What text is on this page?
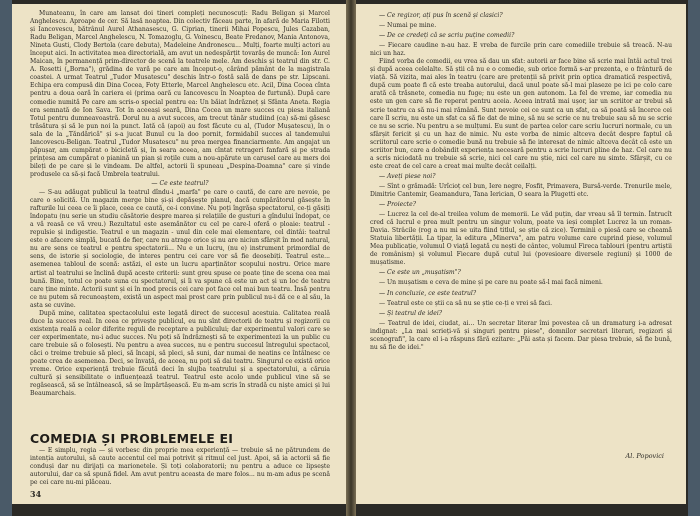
Munateanu, în care am lansat doi tineri compleți necunoscuți: Radu Beligan și Marcel Anghelescu. Aproape de cer. Să lasă noaptea. Din colectiv făceau parte, în afară de Maria Filotti și Iancovescu, bătrânul Aurel Athanasescu, G. Ciprian, tinerii Mihai Popescu, Jules Cazaban, Radu Beligan, Marcel Anghelescu, N. Tomazoglu, G. Voinescu, Beate Fredanov, Mania Antonova, Nineta Gusti, Clody Bertola (care debuta), Madeleine Andronescu... Mulți, foarte mulți actori au început aici. In activitatea mea directorială, am avut un nedespărțit tovarăș de muncă: Ion Aurel Maican, în permanență prim-director de scenă la teatrele mele. Am deschis și teatrul din str. C. A. Rosetti („Borna"), grădina de vară pe care am început-o, cărând pământ de la magistrala coastei. A urmat Teatrul „Tudor Musatescu" deschis într-o fostă sală de dans pe str. Lipscani. Echipa era compusă din Dina Cocea, Foty Etterle, Marcel Anghelescu etc. Acil, Dina Cocea cînta pentru a doua oară în cariera ei (prima oară cu Iancovescu în Noaptea de furtună). După care comedie numită Pe care am scris-o special pentru ea: Un băiat îndrăzneț și Sfânta Aneta. Regia era semnată de Ion Sava. Tot în aceeași seară, Dina Cocea un mare succes cu piesa italiană Totul pentru dumneavoastră. Dorul nu a avut succes, am trecut tânăr studiind (ca) să-mi găsesc trăsătura și să le pun noi la punct. Iată că (apoi) au fost făcute cu al, (Tudor Mușatescu), în o sala de la „Tăndărică" și s-a jucat Bunul cu la doo pornit, formidabil succes al tandemului Iancovescu-Beligan. Teatrul „Tudor Musatescu" nu prea mergea financiarmente. Am angajat un păpușar, am cumpărat o bicicletă și, în seara aceea, am cîntat retrageri fanfară și pe strada prințesa am cumpărat o pianină un pian și roțile cum a nou-apărute un carusel care au mers doi bileți de pe care și le vindeam. De altfel, actorii îi spuneau „Despina-Doamna" care și vinde produsele ca să-și facă Umbrela teatrului.

— Ce este teatrul?

— S-au adăugat publicul la teatrul dîndu-i „marfa" pe care o caută, de care are nevoie, pe care o solicită. Un magazin merge bine și-și depășește planul, dacă cumpărătorul găsește în rafturile lui ceea ce îi place, ceea ce caută, ce-i convine. Nu poți îngrășa spectatorul, ce-ți găsiți îndopatu (nu serie un studiu căsătorie despre marea și relațiile de gusturi a gîndului îndopat, ce a vă reasă ce vă vreu.) Rezultatul este asemănător cu cel pe care-l oferă o ploaie: teatrul - repulsie și indigestie. Teatrul e un magazin - unul din cele mai elementare, cel dintâi: teatrul este o afacere simplă, bucată de fier, care nu atrage orice și nu are niciun sfârșit în mod natural, nu are sens ce teatrul e pentru spectatorii... Nu e un lucru, (nu e) instrument primordial de sens, de istorie și sociologie, de interes pentru cei care vor să fie deosebiți. Teatrul este... asemenea tabloul de scenă: astăzi, el este un lucru aparținător scopului nostru. Orice mare artist al teatrului se înclină după aceste criterii: sunt greu spuse ce poate ține de scena cea mai bună. Bine, totul ce poate suna cu spectatorul, și îi va spune că este un act și un loc de teatru care ține minte. Actorii sunt și ei în mod precis cei care pot face cel mai bun teatru. Însă pentru ce nu putem să recunoaștem, există un aspect mai prost care prin publicul nu-i dă ce e al său, la asta se cuvine.

După mine, calitatea spectacolului este legată direct de succesul acestuia. Calitatea reală duce la succes real. In ceea ce privește publicul, eu nu sînt directorii de teatru și regizorii cu existența reală a celor diferite reguli de receptare a publicului; dar experimentul valori care se cer experimentate, nu-i aduc succes. Nu poți să îndrăznești să te experimentezi la un public cu care trebuie să o folosești. Nu pentru a avea succes, nu e pentru succesul întregului spectacol, căci o treime trebuie să pleci, să încapi, să pleci, să suni, dar numai de neatins ce întâlnesc ce poate crea de asemenea. Deci, se învață, de aceea, nu poți să dai teatru. Singurul ce există orice vreme. Orice experiență trebuie făcută deci în slujba teatrului și a spectatorului, a căruia cultură și sensibilitate o influențează teatrul. Teatrul este acolo unde publicul vine să se regăsească, să se întâlnească, să se împărtășească. Eu m-am scris în stradă cu niște amici și lui Beaumarchais.

COMEDIA ȘI PROBLEMELE EI

— E simplu, regia — și vorbesc din proprie mea experiență — trebuie să ne pătrundem de intenția autorului, să caute accentul cel mai potrivit și ritmul cel just. Apoi, să ia actorii să fie conduși dar nu dirijați ca marionetele. Și toți colaboratorii; nu pentru a aduce ce lipsește autorului, dar ca să spună fidel. Am avut pentru aceasta de mare folos... nu m-am adus pe scenă pe cei care nu-mi plăceau.

34

— Ce regizor, ați pus în scenă și clasici?

— Numai pe mine.

— De ce credeți că se scriu puține comedii?

— Fiecare caudine n-au haz. E vreba de furcile prin care comediile trebuie să treacă. N-au nici un haz.

Fiind vorba de comedii, eu vrea să dau un sfat: autorii ar face bine să scrie mai întâi actul trei și după aceea celelalte. Să știi că nu e o comedie, sub orice formă s-ar prezenta, e o frântură de viață. Să vizita, mai ales în teatru (care are pretenții să privit prin optica dramatică respectivă, după cum poate fi că este treaba autorului, dacă unul poate să-l mai plaseze pe ici pe colo care arată că trăsnete, comedia nu fuge; nu este un gen autonom. La fel de vreme, iar comedia nu este un gen care să fie reperat pentru aceia. Aceea intrată mai ușor, iar un scriitor ar trebui să scrie teatru ca să nu-i mai rămână. Sunt nevoie cei ce sunt ca un sfat, ca să poată să încerce cei care îl scriu, nu este un sfat ca să fie dat de mine, să nu se scrie ce nu trebuie sau să nu se scrie ce nu se scrie. Nu pentru a se mulțumi. Eu sunt de partea celor care scriu lucruri normale, cu un sfârșit fericit și cu un haz de nimic. Nu este vorba de nimic altceva decât despre faptul că scriitorul care scrie o comedie bună nu trebuie să fie interesat de nimic altceva decât că este un scriitor bun, care a dobândit experiența necesară pentru a scrie lucruri pline de haz. Cel care nu a scris niciodată nu trebuie să scrie, nici cel care nu știe, nici cel care nu simte. Sfârșit, cu ce este creat de cel care a creat mai multe decât ceilalți.

— Aveți piese noi?

— Sînt o grămadă: Urîcioț cel bun, Iere negre, Fosfit, Primavera, Bursă-verde. Trenurile mele, Dimitrie Cantemir, Geamandura, Tana Ierician, O seara la Plugetti etc.

— Proiecte?

— Lucrez la cel de-al treilea volum de memorii. Le văd puțin, dar vreau să îl termin. Întrucît cred că lucrul e prea mult pentru un singur volum, poate va ieși complet Lucrez la un roman-Davia. Strâcile (rog a nu mi se uita fiind titlul, se știe că zice). Terminii o piesă care se cheamă Statuia libertății. La tipar, la editura „Minerva", am patru volume care cuprind piese, volumul Mea publicație, volumul O viață legată cu nești de cântec, volumul Fireca tablouri (pentru artiștii de românism) și volumul Fiecare după cutul lui (povesioare diversele regiuni) și 1000 de mușatisme.

— Ce este un „mușatism"?

— Un mușatism e ceva de mine și pe care nu poate să-l mai facă nimeni.

— In concluzie, ce este teatrul?

— Teatrul este ce știi ca să nu se știe ce-ți e vrei să faci.

— Și teatrul de idei?

— Teatrul de idei, ciudat, ai... Un secretar literar îmi povestea că un dramaturg i-a adresat indignat: „La mai scrieți-vă și singuri pentru piese", domnilor secretari literari, regizori și scenografi", la care el i-a răspuns fără ezitare: „Păi asta și facem. Dar piesa trebuie, să fie bună, nu să fie de idei."

Al. Popovici
